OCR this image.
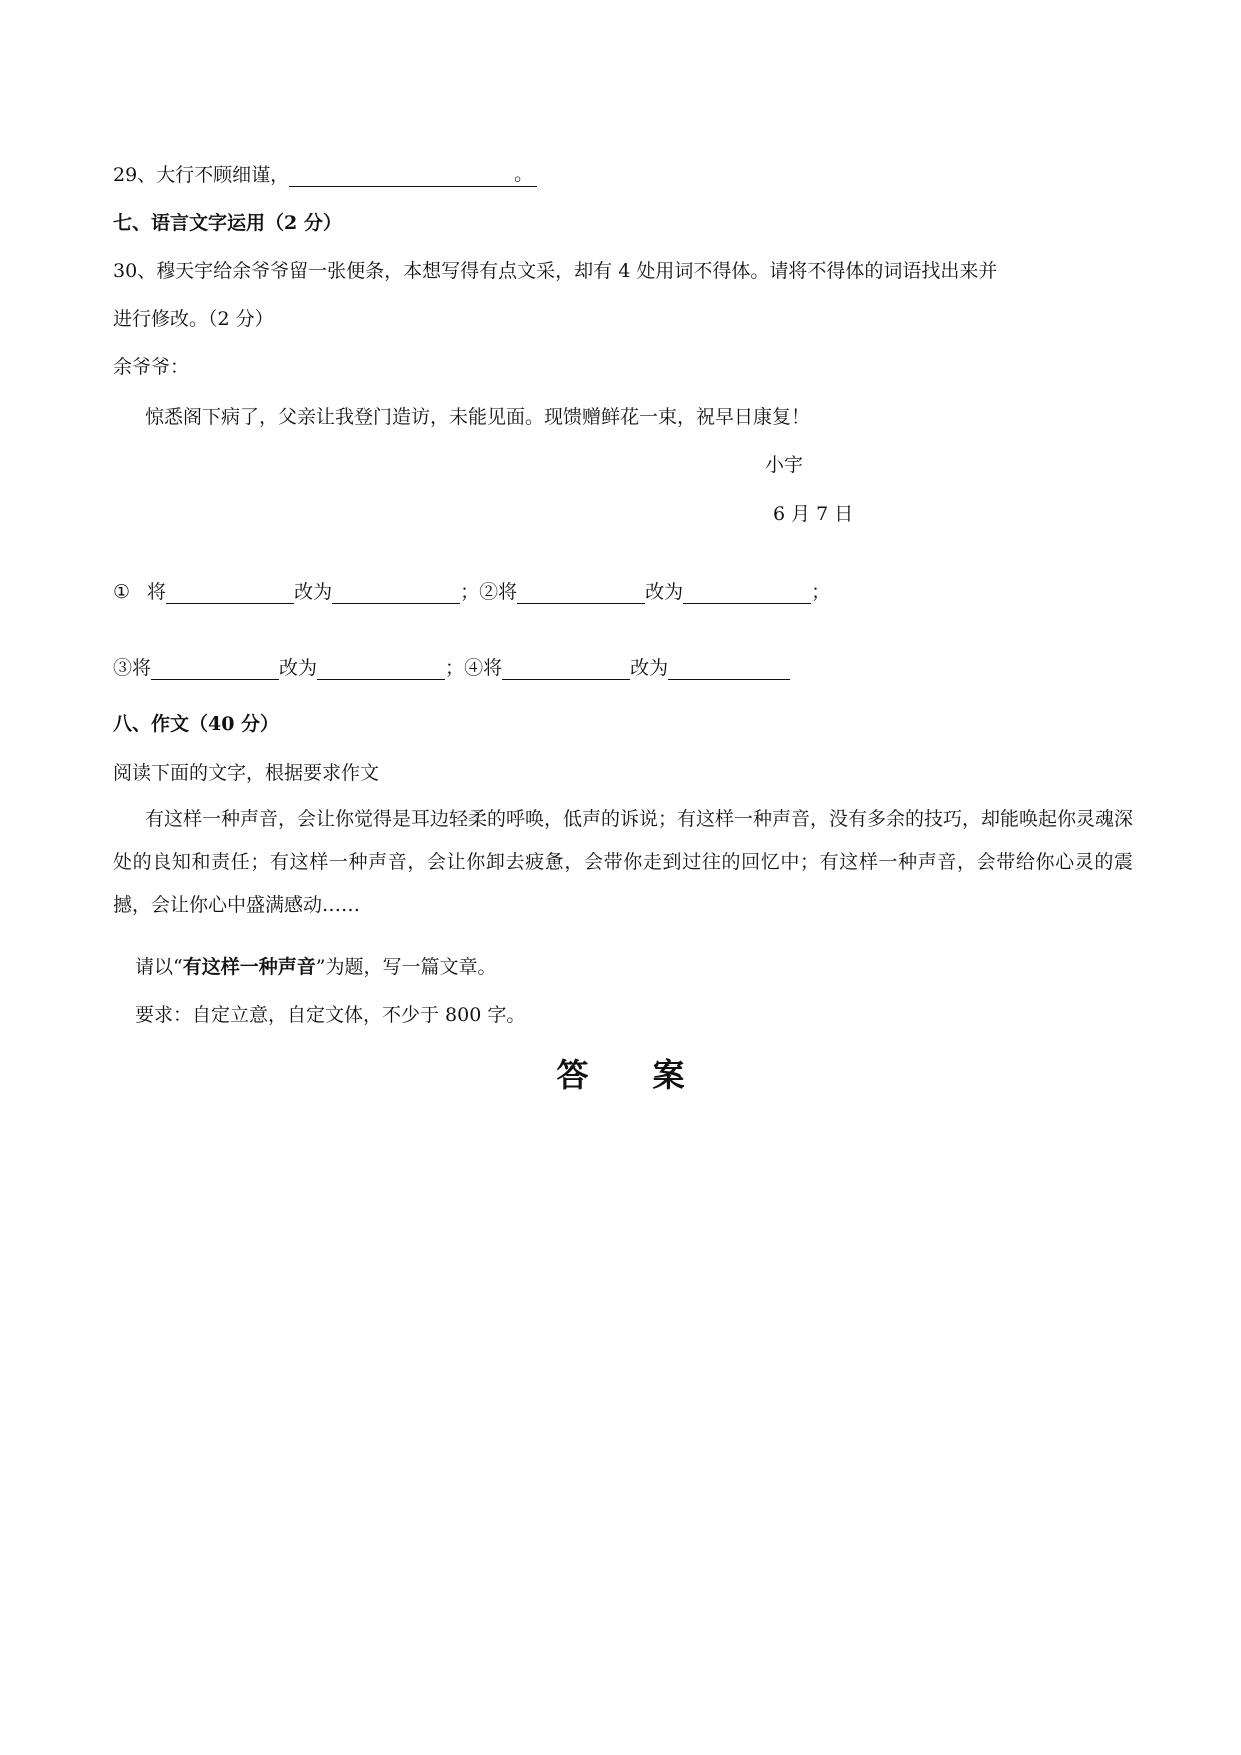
29、大行不顾细谨，	。
七、语言文字运用（2 分）
30、穆天宇给余爷爷留一张便条，本想写得有点文采，却有 4 处用词不得体。请将不得体的词语找出来并
进行修改。（2 分）
余爷爷：
惊悉阁下病了，父亲让我登门造访，未能见面。现馈赠鲜花一束，祝早日康复！
小宇
6 月 7 日
① 将	改为	；②将	改为	；
③将	改为	；④将	改为
八、作文（40 分）
阅读下面的文字，根据要求作文
有这样一种声音，会让你觉得是耳边轻柔的呼唤，低声的诉说；有这样一种声音，没有多余的技巧，却能唤起你灵魂深处的良知和责任；有这样一种声音，会让你卸去疲惫，会带你走到过往的回忆中；有这样一种声音，会带给你心灵的震撼，会让你心中盛满感动……
请以“有这样一种声音”为题，写一篇文章。
要求：自定立意，自定文体，不少于 800 字。
答　　案
